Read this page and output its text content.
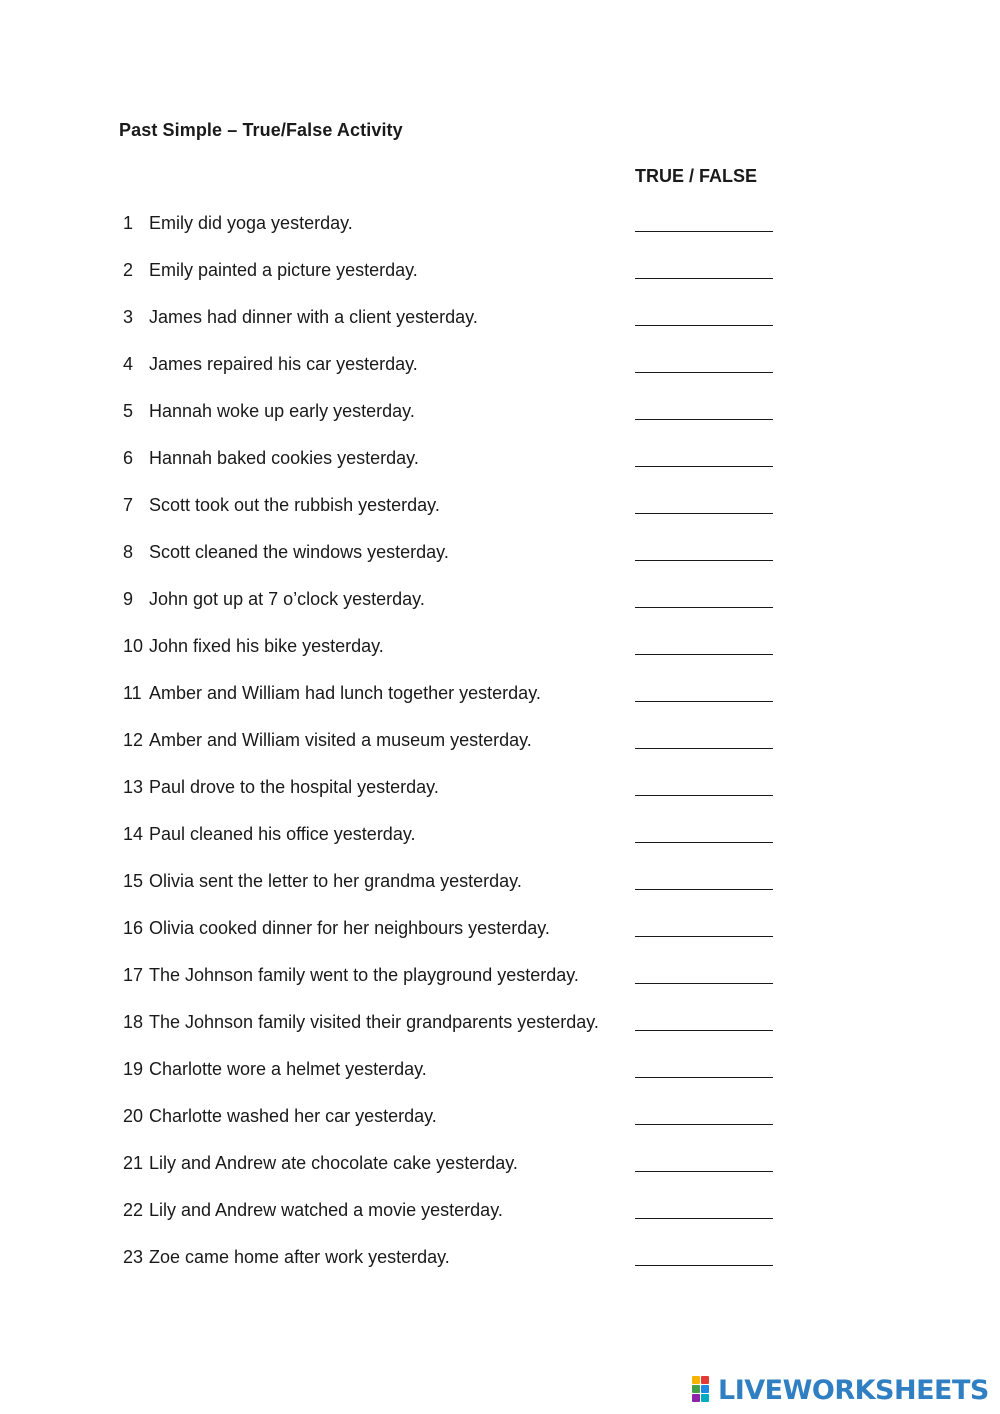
Past Simple – True/False Activity
TRUE / FALSE
1 Emily did yoga yesterday.
2 Emily painted a picture yesterday.
3 James had dinner with a client yesterday.
4 James repaired his car yesterday.
5 Hannah woke up early yesterday.
6 Hannah baked cookies yesterday.
7 Scott took out the rubbish yesterday.
8 Scott cleaned the windows yesterday.
9 John got up at 7 o’clock yesterday.
10 John fixed his bike yesterday.
11 Amber and William had lunch together yesterday.
12 Amber and William visited a museum yesterday.
13 Paul drove to the hospital yesterday.
14 Paul cleaned his office yesterday.
15 Olivia sent the letter to her grandma yesterday.
16 Olivia cooked dinner for her neighbours yesterday.
17 The Johnson family went to the playground yesterday.
18 The Johnson family visited their grandparents yesterday.
19 Charlotte wore a helmet yesterday.
20 Charlotte washed her car yesterday.
21 Lily and Andrew ate chocolate cake yesterday.
22 Lily and Andrew watched a movie yesterday.
23 Zoe came home after work yesterday.
LIVEWORKSHEETS
